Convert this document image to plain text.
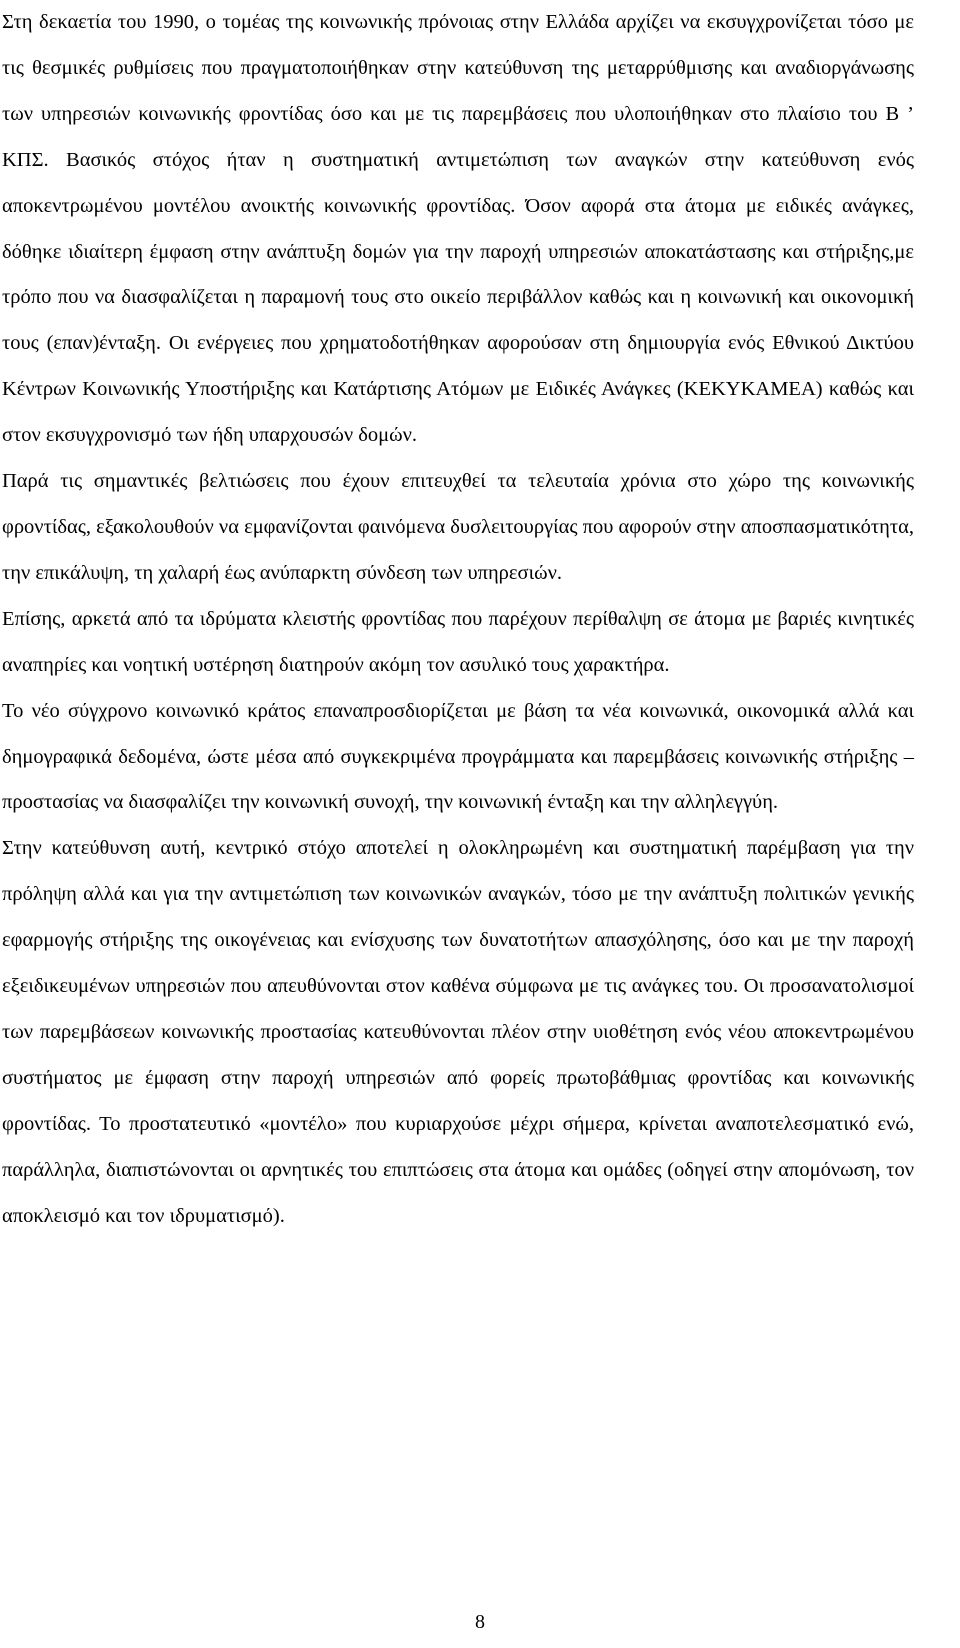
Στη δεκαετία του 1990, ο τομέας της κοινωνικής πρόνοιας στην Ελλάδα αρχίζει να εκσυγχρονίζεται τόσο με τις θεσμικές ρυθμίσεις που πραγματοποιήθηκαν στην κατεύθυνση της μεταρρύθμισης και αναδιοργάνωσης των υπηρεσιών κοινωνικής φροντίδας όσο και με τις παρεμβάσεις που υλοποιήθηκαν στο πλαίσιο του Β ’ ΚΠΣ. Βασικός στόχος ήταν η συστηματική αντιμετώπιση των αναγκών στην κατεύθυνση ενός αποκεντρωμένου μοντέλου ανοικτής κοινωνικής φροντίδας. Όσον αφορά στα άτομα με ειδικές ανάγκες, δόθηκε ιδιαίτερη έμφαση στην ανάπτυξη δομών για την παροχή υπηρεσιών αποκατάστασης και στήριξης,με τρόπο που να διασφαλίζεται η παραμονή τους στο οικείο περιβάλλον καθώς και η κοινωνική και οικονομική τους (επαν)ένταξη. Οι ενέργειες που χρηματοδοτήθηκαν αφορούσαν στη δημιουργία ενός Εθνικού Δικτύου Κέντρων Κοινωνικής Υποστήριξης και Κατάρτισης Ατόμων με Ειδικές Ανάγκες (ΚΕΚΥΚΑΜΕΑ) καθώς και στον εκσυγχρονισμό των ήδη υπαρχουσών δομών.

Παρά τις σημαντικές βελτιώσεις που έχουν επιτευχθεί τα τελευταία χρόνια στο χώρο της κοινωνικής φροντίδας, εξακολουθούν να εμφανίζονται φαινόμενα δυσλειτουργίας που αφορούν στην αποσπασματικότητα, την επικάλυψη, τη χαλαρή έως ανύπαρκτη σύνδεση των υπηρεσιών.

Επίσης, αρκετά από τα ιδρύματα κλειστής φροντίδας που παρέχουν περίθαλψη σε άτομα με βαριές κινητικές αναπηρίες και νοητική υστέρηση διατηρούν ακόμη τον ασυλικό τους χαρακτήρα.

Το νέο σύγχρονο κοινωνικό κράτος επαναπροσδιορίζεται με βάση τα νέα κοινωνικά, οικονομικά αλλά και δημογραφικά δεδομένα, ώστε μέσα από συγκεκριμένα προγράμματα και παρεμβάσεις κοινωνικής στήριξης – προστασίας να διασφαλίζει την κοινωνική συνοχή, την κοινωνική ένταξη και την αλληλεγγύη.

Στην κατεύθυνση αυτή, κεντρικό στόχο αποτελεί η ολοκληρωμένη και συστηματική παρέμβαση για την πρόληψη αλλά και για την αντιμετώπιση των κοινωνικών αναγκών, τόσο με την ανάπτυξη πολιτικών γενικής εφαρμογής στήριξης της οικογένειας και ενίσχυσης των δυνατοτήτων απασχόλησης, όσο και με την παροχή εξειδικευμένων υπηρεσιών που απευθύνονται στον καθένα σύμφωνα με τις ανάγκες του. Οι προσανατολισμοί των παρεμβάσεων κοινωνικής προστασίας κατευθύνονται πλέον στην υιοθέτηση ενός νέου αποκεντρωμένου συστήματος με έμφαση στην παροχή υπηρεσιών από φορείς πρωτοβάθμιας φροντίδας και κοινωνικής φροντίδας. Το προστατευτικό «μοντέλο» που κυριαρχούσε μέχρι σήμερα, κρίνεται αναποτελεσματικό ενώ, παράλληλα, διαπιστώνονται οι αρνητικές του επιπτώσεις στα άτομα και ομάδες (οδηγεί στην απομόνωση, τον αποκλεισμό και τον ιδρυματισμό).

8
